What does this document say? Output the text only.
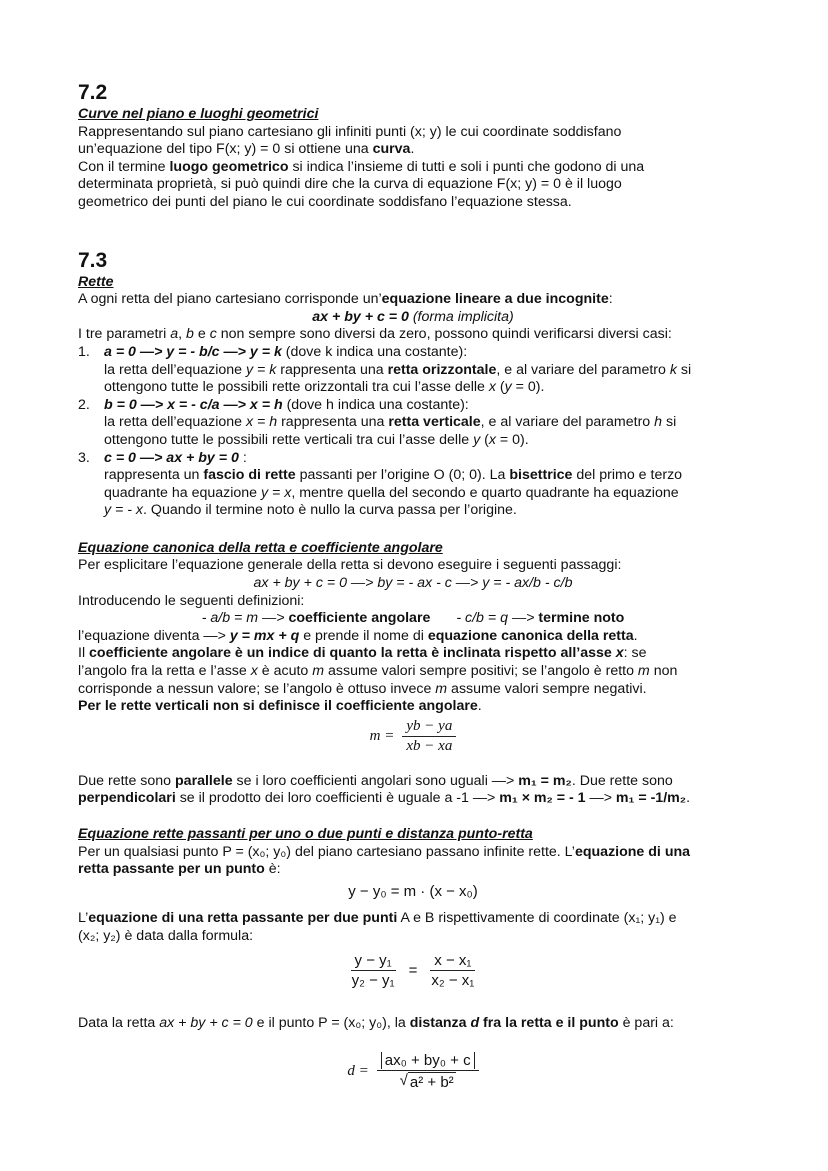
7.2

Curve nel piano e luoghi geometrici

Rappresentando sul piano cartesiano gli infiniti punti (x; y) le cui coordinate soddisfano
un’equazione del tipo F(x; y) = 0 si ottiene una curva.
Con il termine luogo geometrico si indica l’insieme di tutti e soli i punti che godono di una
determinata proprietà, si può quindi dire che la curva di equazione F(x; y) = 0 è il luogo
geometrico dei punti del piano le cui coordinate soddisfano l’equazione stessa.

7.3

Rette

A ogni retta del piano cartesiano corrisponde un’equazione lineare a due incognite:

ax + by + c = 0 (forma implicita)

I tre parametri a, b e c non sempre sono diversi da zero, possono quindi verificarsi diversi casi:

1. a = 0 —> y = - b/c —> y = k (dove k indica una costante):
la retta dell’equazione y = k rappresenta una retta orizzontale, e al variare del parametro k si
ottengono tutte le possibili rette orizzontali tra cui l’asse delle x (y = 0).
2. b = 0 —> x = - c/a —> x = h (dove h indica una costante):
la retta dell’equazione x = h rappresenta una retta verticale, e al variare del parametro h si
ottengono tutte le possibili rette verticali tra cui l’asse delle y (x = 0).
3. c = 0 —> ax + by = 0 :
rappresenta un fascio di rette passanti per l’origine O (0; 0). La bisettrice del primo e terzo
quadrante ha equazione y = x, mentre quella del secondo e quarto quadrante ha equazione
y = - x. Quando il termine noto è nullo la curva passa per l’origine.

Equazione canonica della retta e coefficiente angolare

Per esplicitare l’equazione generale della retta si devono eseguire i seguenti passaggi:

ax + by + c = 0 —> by = - ax - c —> y = - ax/b - c/b

Introducendo le seguenti definizioni:

- a/b = m —> coefficiente angolare - c/b = q —> termine noto

l’equazione diventa —> y = mx + q e prende il nome di equazione canonica della retta.
Il coefficiente angolare è un indice di quanto la retta è inclinata rispetto all’asse x: se
l’angolo fra la retta e l’asse x è acuto m assume valori sempre positivi; se l’angolo è retto m non
corrisponde a nessun valore; se l’angolo è ottuso invece m assume valori sempre negativi.
Per le rette verticali non si definisce il coefficiente angolare.

$m = \frac{yb - ya}{xb - xa}$

Due rette sono parallele se i loro coefficienti angolari sono uguali —> m₁ = m₂. Due rette sono
perpendicolari se il prodotto dei loro coefficienti è uguale a -1 —> m₁ × m₂ = - 1 —> m₁ = -1/m₂.

Equazione rette passanti per uno o due punti e distanza punto-retta

Per un qualsiasi punto P = (x₀; y₀) del piano cartesiano passano infinite rette. L’equazione di una
retta passante per un punto è:

y − y₀ = m · (x − x₀)

L’equazione di una retta passante per due punti A e B rispettivamente di coordinate (x₁; y₁) e
(x₂; y₂) è data dalla formula:

$\frac{\text{y − y₁}}{\text{y₂ − y₁}} = \frac{\text{x − x₁}}{\text{x₂ − x₁}}$

Data la retta ax + by + c = 0 e il punto P = (x₀; y₀), la distanza d fra la retta e il punto è pari a:

$d = \frac{\text{ax₀ + by₀ + c}}{\text{√ a² + b²}}$
